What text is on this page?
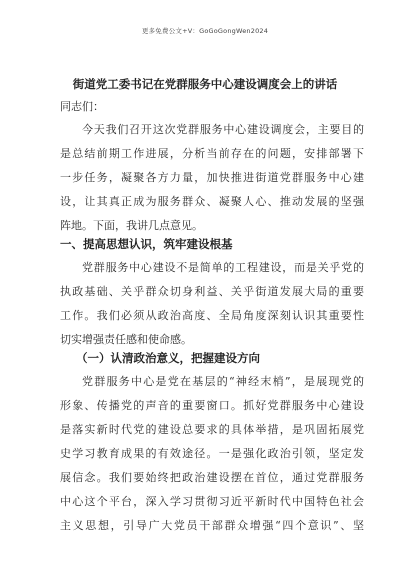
更多免费公文+V：GoGoGongWen2024
街道党工委书记在党群服务中心建设调度会上的讲话
同志们：

今天我们召开这次党群服务中心建设调度会，主要目的

是总结前期工作进展，分析当前存在的问题，安排部署下

一步任务，凝聚各方力量，加快推进街道党群服务中心建

设，让其真正成为服务群众、凝聚人心、推动发展的坚强

阵地。下面，我讲几点意见。

一、提高思想认识，筑牢建设根基

党群服务中心建设不是简单的工程建设，而是关乎党的

执政基础、关乎群众切身利益、关乎街道发展大局的重要

工作。我们必须从政治高度、全局角度深刻认识其重要性

切实增强责任感和使命感。

（一）认清政治意义，把握建设方向

党群服务中心是党在基层的“神经末梢”，是展现党的

形象、传播党的声音的重要窗口。抓好党群服务中心建设

是落实新时代党的建设总要求的具体举措，是巩固拓展党

史学习教育成果的有效途径。一是强化政治引领，坚定发

展信念。我们要始终把政治建设摆在首位，通过党群服务

中心这个平台，深入学习贯彻习近平新时代中国特色社会

主义思想，引导广大党员干部群众增强“四个意识”、坚
